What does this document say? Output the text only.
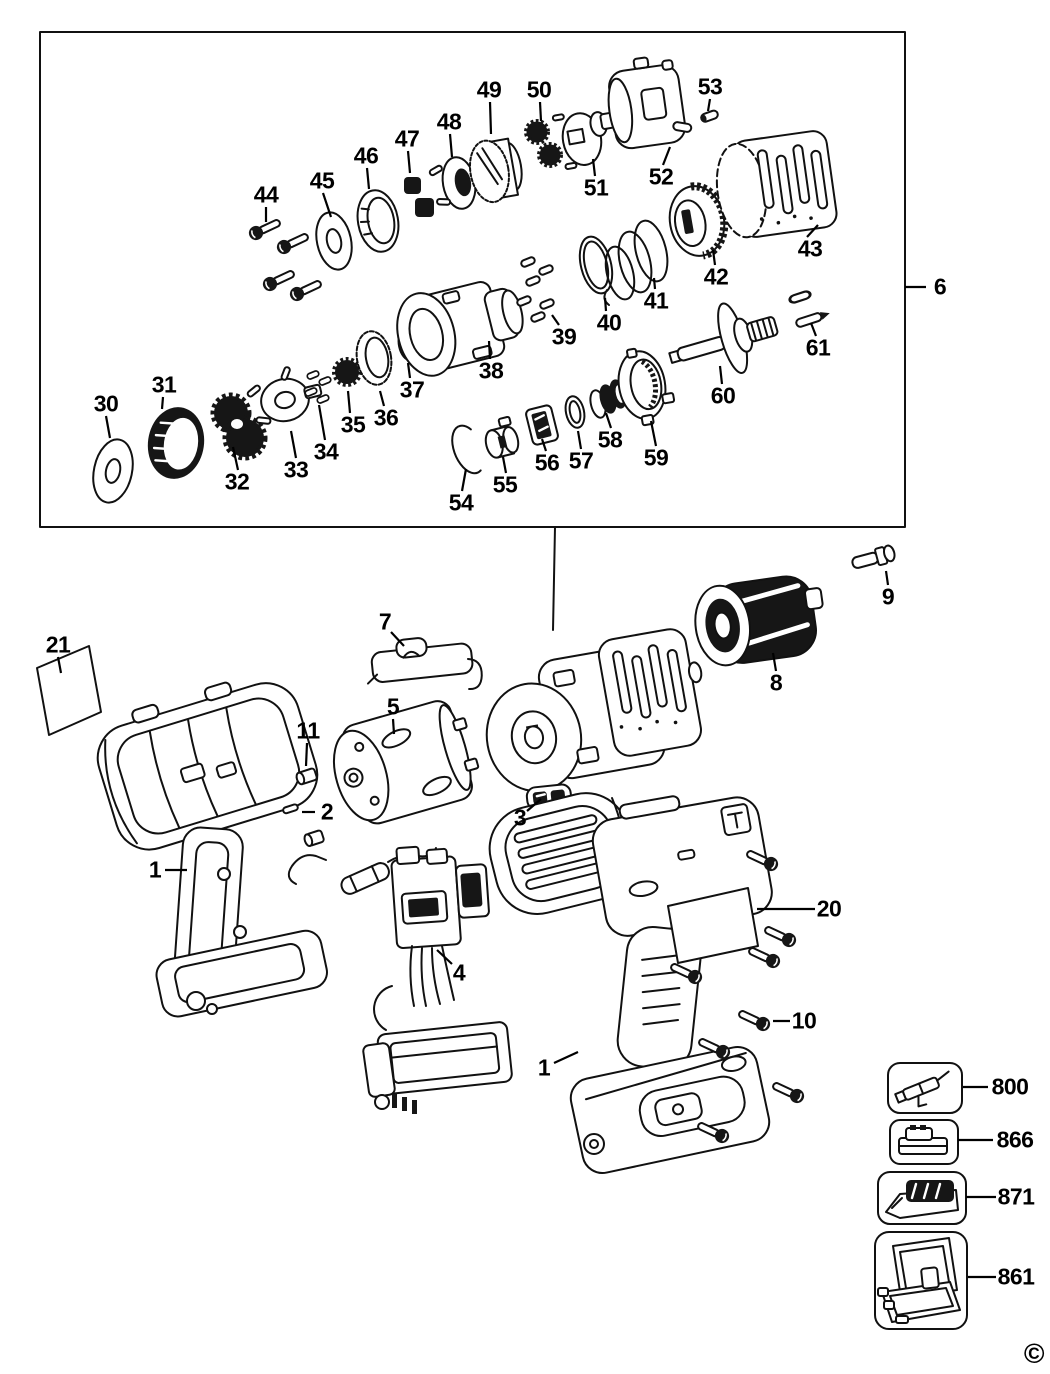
6
30
31
32 33
34
35 36
37
38
39
40
41
42
43
44
45
46
47
48
49 50
51 52
53
54
55
56 57
58
59
60
61
7
5
8
9
21
11
2
1
3
4
1
20
10
800
866
871
861
©
